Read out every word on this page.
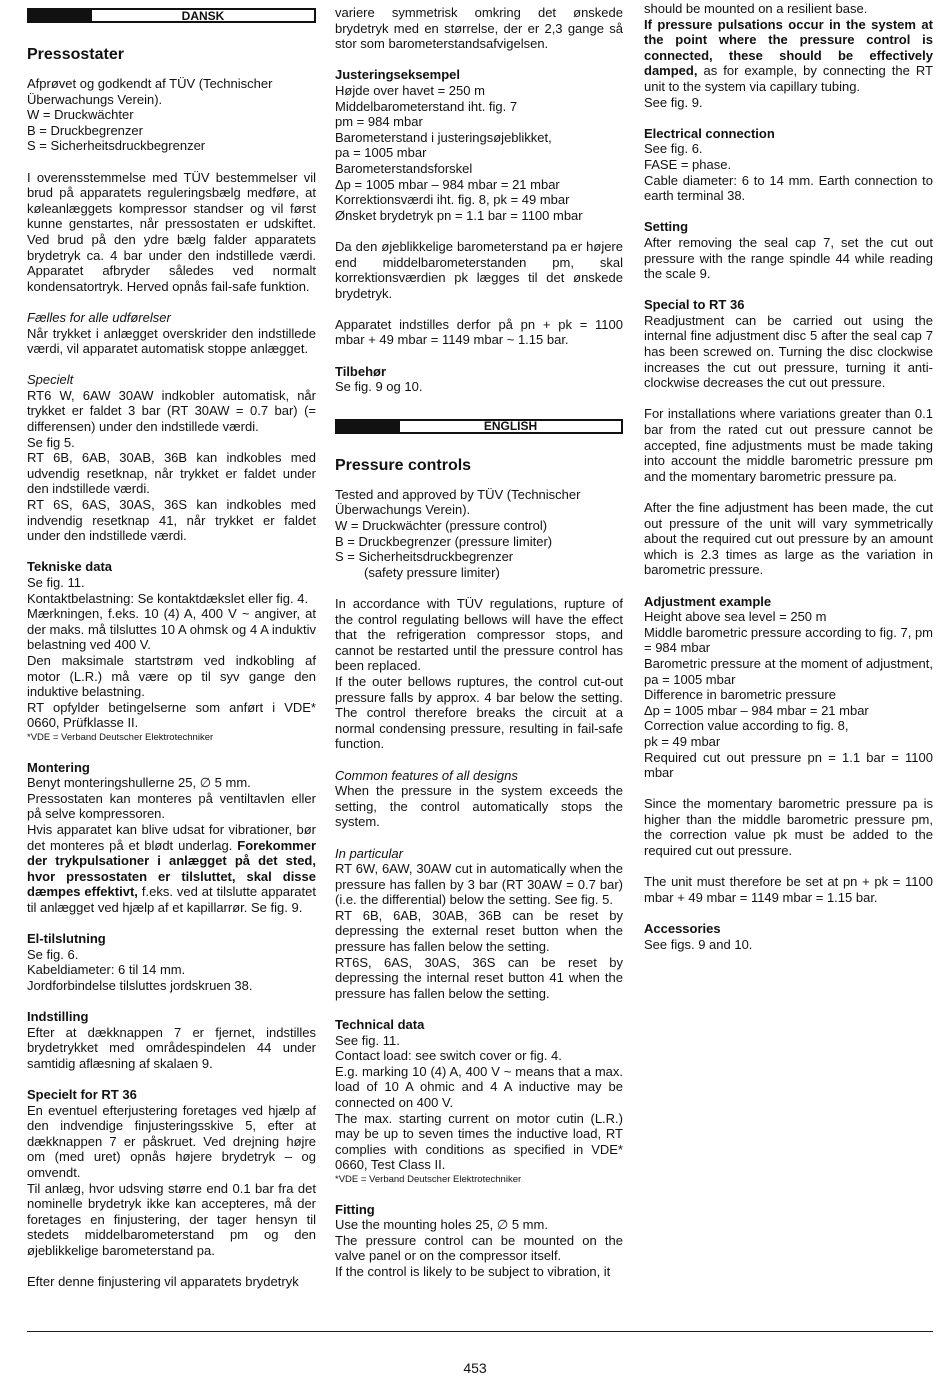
DANSK
Pressostater

Afprøvet og godkendt af TÜV (Technischer Überwachungs Verein).

W = Druckwächter

B = Druckbegrenzer

S = Sicherheitsdruckbegrenzer

I overensstemmelse med TÜV bestemmelser vil brud på apparatets reguleringsbælg medføre, at køleanlæggets kompressor standser og vil først kunne genstartes, når pressostaten er udskiftet. Ved brud på den ydre bælg falder apparatets brydetryk ca. 4 bar under den indstillede værdi. Apparatet afbryder således ved normalt kondensatortryk. Herved opnås fail-safe funktion.

Fælles for alle udførelser

Når trykket i anlægget overskrider den indstillede værdi, vil apparatet automatisk stoppe anlægget.

Specielt

RT6 W, 6AW 30AW indkobler automatisk, når trykket er faldet 3 bar (RT 30AW = 0.7 bar) (= differensen) under den indstillede værdi.

Se fig 5.

RT 6B, 6AB, 30AB, 36B kan indkobles med udvendig resetknap, når trykket er faldet under den indstillede værdi.

RT 6S, 6AS, 30AS, 36S kan indkobles med indvendig resetknap 41, når trykket er faldet under den indstillede værdi.

Tekniske data

Se fig. 11.

Kontaktbelastning: Se kontaktdækslet eller fig. 4.

Mærkningen, f.eks. 10 (4) A, 400 V ~ angiver, at der maks. må tilsluttes 10 A ohmsk og 4 A induktiv belastning ved 400 V.

Den maksimale startstrøm ved indkobling af motor (L.R.) må være op til syv gange den induktive belastning.

RT opfylder betingelserne som anført i VDE* 0660, Prüfklasse II.

*VDE = Verband Deutscher Elektrotechniker

Montering

Benyt monteringshullerne 25, ∅ 5 mm.

Pressostaten kan monteres på ventiltavlen eller på selve kompressoren.

Hvis apparatet kan blive udsat for vibrationer, bør det monteres på et blødt underlag. Forekommer der trykpulsationer i anlægget på det sted, hvor pressostaten er tilsluttet, skal disse dæmpes effektivt, f.eks. ved at tilslutte apparatet til anlægget ved hjælp af et kapillarrør. Se fig. 9.

El-tilslutning

Se fig. 6.

Kabeldiameter: 6 til 14 mm.

Jordforbindelse tilsluttes jordskruen 38.

Indstilling

Efter at dækknappen 7 er fjernet, indstilles brydetrykket med områdespindelen 44 under samtidig aflæsning af skalaen 9.

Specielt for RT 36

En eventuel efterjustering foretages ved hjælp af den indvendige finjusteringsskive 5, efter at dækknappen 7 er påskruet. Ved drejning højre om (med uret) opnås højere brydetryk – og omvendt.

Til anlæg, hvor udsving større end 0.1 bar fra det nominelle brydetryk ikke kan accepteres, må der foretages en finjustering, der tager hensyn til stedets middelbarometerstand pm og den øjeblikkelige barometerstand pa.

Efter denne finjustering vil apparatets brydetryk

variere symmetrisk omkring det ønskede brydetryk med en størrelse, der er 2,3 gange så stor som barometerstandsafvigelsen.

Justeringseksempel

Højde over havet = 250 m

Middelbarometerstand iht. fig. 7

pm = 984 mbar

Barometerstand i justeringsøjeblikket,

pa = 1005 mbar

Barometerstandsforskel

Δp = 1005 mbar – 984 mbar = 21 mbar

Korrektionsværdi iht. fig. 8, pk = 49 mbar

Ønsket brydetryk pn = 1.1 bar = 1100 mbar

Da den øjeblikkelige barometerstand pa er højere end middelbarometerstanden pm, skal korrektionsværdien pk lægges til det ønskede brydetryk.

Apparatet indstilles derfor på pn + pk = 1100 mbar + 49 mbar = 1149 mbar ~ 1.15 bar.

Tilbehør

Se fig. 9 og 10.

ENGLISH
Pressure controls

Tested and approved by TÜV (Technischer Überwachungs Verein).

W = Druckwächter (pressure control)

B = Druckbegrenzer (pressure limiter)

S = Sicherheitsdruckbegrenzer

(safety pressure limiter)

In accordance with TÜV regulations, rupture of the control regulating bellows will have the effect that the refrigeration compressor stops, and cannot be restarted until the pressure control has been replaced.

If the outer bellows ruptures, the control cut-out pressure falls by approx. 4 bar below the setting. The control therefore breaks the circuit at a normal condensing pressure, resulting in fail-safe function.

Common features of all designs

When the pressure in the system exceeds the setting, the control automatically stops the system.

In particular

RT 6W, 6AW, 30AW cut in automatically when the pressure has fallen by 3 bar (RT 30AW = 0.7 bar) (i.e. the differential) below the setting. See fig. 5.

RT 6B, 6AB, 30AB, 36B can be reset by depressing the external reset button when the pressure has fallen below the setting.

RT6S, 6AS, 30AS, 36S can be reset by depressing the internal reset button 41 when the pressure has fallen below the setting.

Technical data

See fig. 11.

Contact load: see switch cover or fig. 4.

E.g. marking 10 (4) A, 400 V ~ means that a max. load of 10 A ohmic and 4 A inductive may be connected on 400 V.

The max. starting current on motor cutin (L.R.) may be up to seven times the inductive load, RT complies with conditions as specified in VDE* 0660, Test Class II.

*VDE = Verband Deutscher Elektrotechniker

Fitting

Use the mounting holes 25, ∅ 5 mm.

The pressure control can be mounted on the valve panel or on the compressor itself.

If the control is likely to be subject to vibration, it

should be mounted on a resilient base.

If pressure pulsations occur in the system at the point where the pressure control is connected, these should be effectively damped, as for example, by connecting the RT unit to the system via capillary tubing.

See fig. 9.

Electrical connection

See fig. 6.

FASE = phase.

Cable diameter: 6 to 14 mm. Earth connection to earth terminal 38.

Setting

After removing the seal cap 7, set the cut out pressure with the range spindle 44 while reading the scale 9.

Special to RT 36

Readjustment can be carried out using the internal fine adjustment disc 5 after the seal cap 7 has been screwed on. Turning the disc clockwise increases the cut out pressure, turning it anti-clockwise decreases the cut out pressure.

For installations where variations greater than 0.1 bar from the rated cut out pressure cannot be accepted, fine adjustments must be made taking into account the middle barometric pressure pm and the momentary barometric pressure pa.

After the fine adjustment has been made, the cut out pressure of the unit will vary symmetrically about the required cut out pressure by an amount which is 2.3 times as large as the variation in barometric pressure.

Adjustment example

Height above sea level = 250 m

Middle barometric pressure according to fig. 7, pm = 984 mbar

Barometric pressure at the moment of adjustment, pa = 1005 mbar

Difference in barometric pressure

Δp = 1005 mbar – 984 mbar = 21 mbar

Correction value according to fig. 8,

pk = 49 mbar

Required cut out pressure pn = 1.1 bar = 1100 mbar

Since the momentary barometric pressure pa is higher than the middle barometric pressure pm, the correction value pk must be added to the required cut out pressure.

The unit must therefore be set at pn + pk = 1100 mbar + 49 mbar = 1149 mbar = 1.15 bar.

Accessories

See figs. 9 and 10.

453
